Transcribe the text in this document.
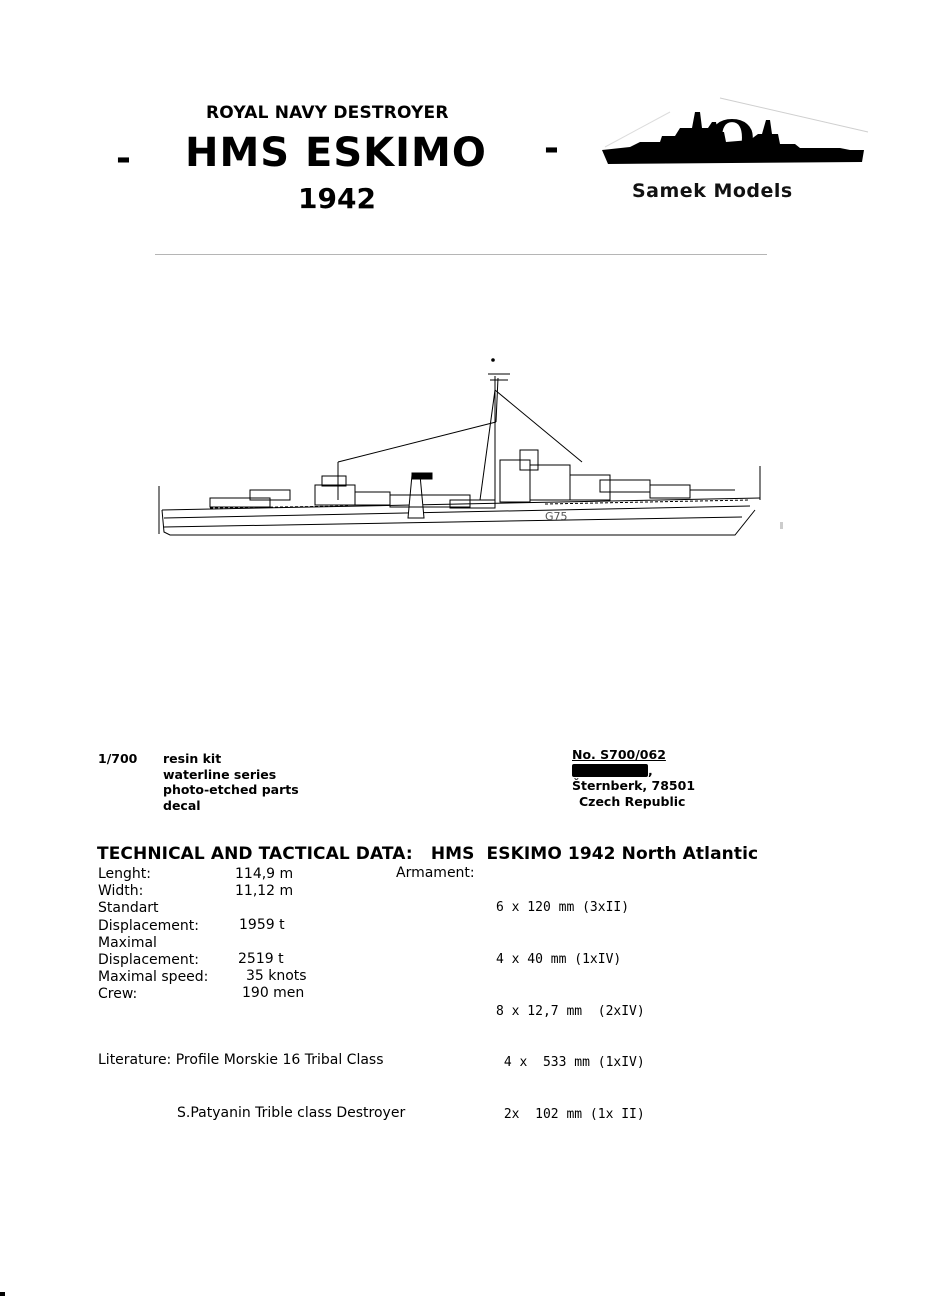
ROYAL NAVY DESTROYER
- HMS ESKIMO -
1942
Ω
Samek Models
G75
1/700 resin kit
waterline series
photo-etched parts
decal
No. S700/062
,
Šternberk, 78501
Czech Republic
TECHNICAL AND TACTICAL DATA:   HMS  ESKIMO 1942 North Atlantic
Lenght:
Width:
Standart
Displacement:
Maximal
Displacement:
Maximal speed:
Crew:
114,9 m
11,12 m
1959 t
2519 t
35 knots
190 men
Armament:

6 x 120 mm (3xII)

4 x 40 mm (1xIV)

8 x 12,7 mm  (2xIV)

4 x  533 mm (1xIV)

2x  102 mm (1x II)

Literature: Profile Morskie 16 Tribal Class

S.Patyanin Trible class Destroyer
